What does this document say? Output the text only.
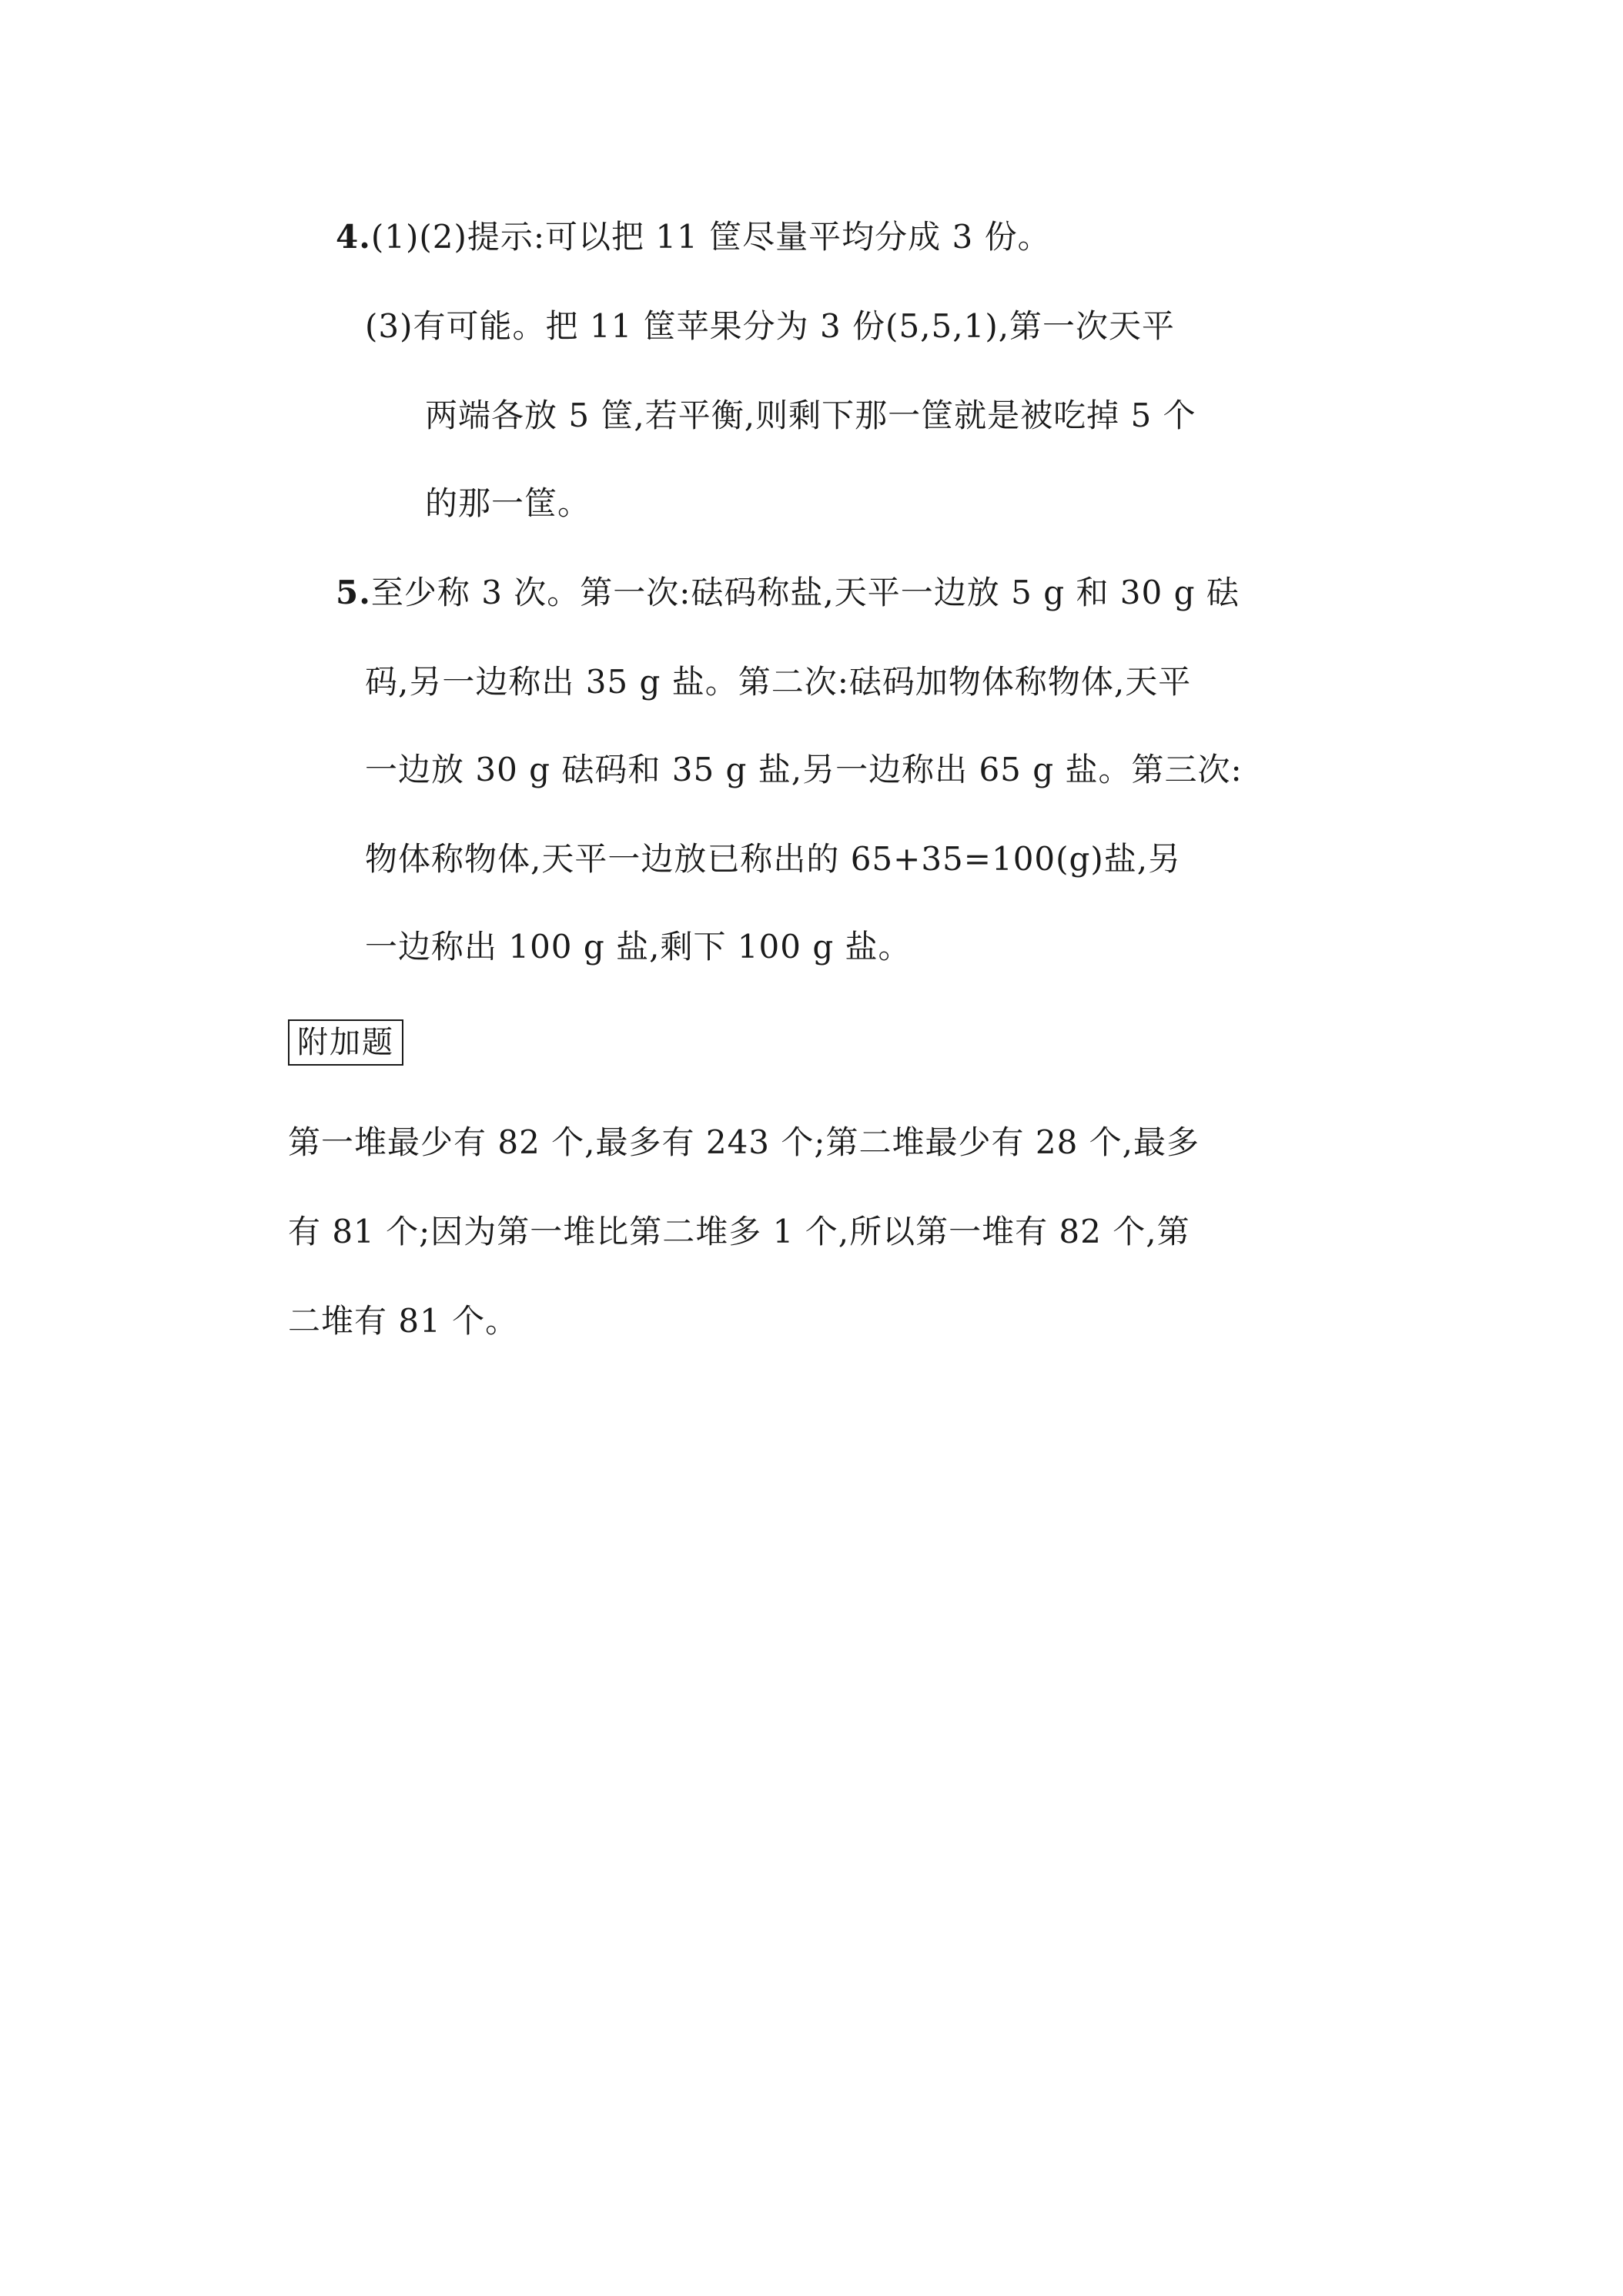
4.(1)(2)提示:可以把 11 筐尽量平均分成 3 份。
(3)有可能。把 11 筐苹果分为 3 份(5,5,1),第一次天平
两端各放 5 筐,若平衡,则剩下那一筐就是被吃掉 5 个
的那一筐。
5.至少称 3 次。第一次:砝码称盐,天平一边放 5 g 和 30 g 砝
码,另一边称出 35 g 盐。第二次:砝码加物体称物体,天平
一边放 30 g 砝码和 35 g 盐,另一边称出 65 g 盐。第三次:
物体称物体,天平一边放已称出的 65+35=100(g)盐,另
一边称出 100 g 盐,剩下 100 g 盐。
附加题
第一堆最少有 82 个,最多有 243 个;第二堆最少有 28 个,最多
有 81 个;因为第一堆比第二堆多 1 个,所以第一堆有 82 个,第
二堆有 81 个。
